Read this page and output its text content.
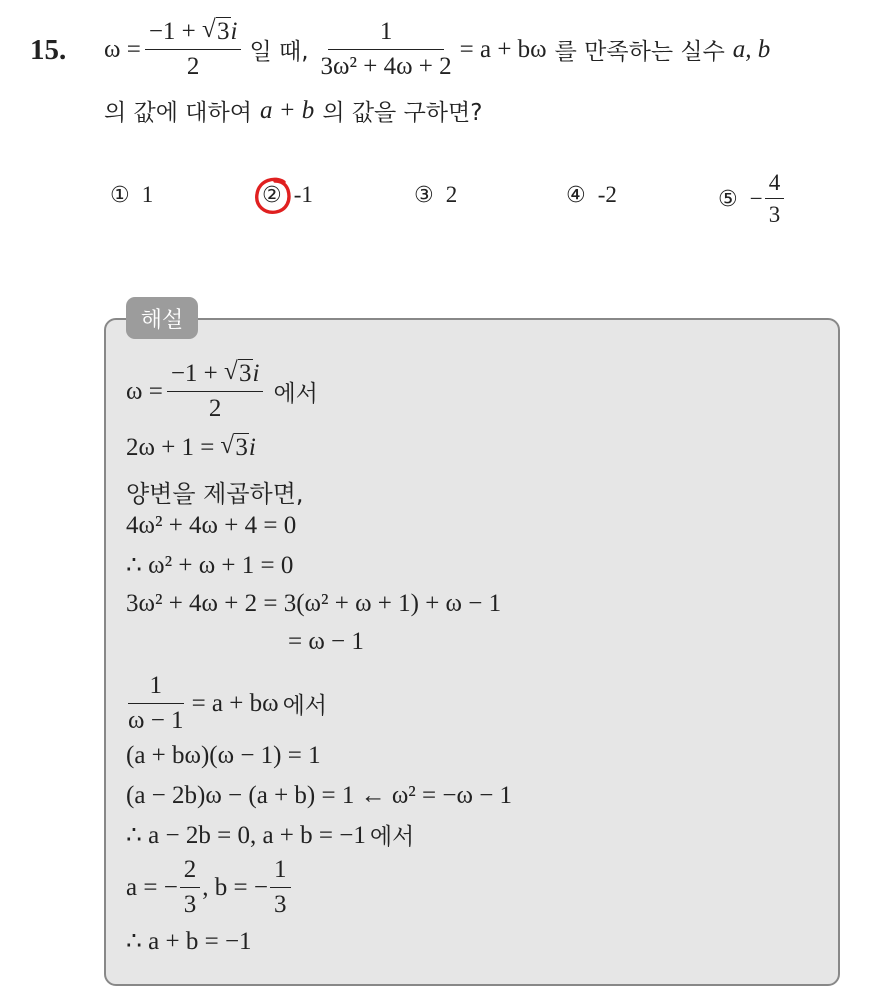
15. $\omega = \frac{-1 + √ 3i}{2}$ 일 때, $\frac{1}{\text{3ω² + 4ω + 2}} = a + b\omega$ 를 만족하는 실수 a, b
의 값에 대하여 a + b 의 값을 구하면?
① 1	② -1	③ 2	④ -2	⑤ − $\frac{4}{3}$
해설
$\omega = \frac{-1 + √ 3i}{2}$ 에서
2ω + 1 = √ 3i
양변을 제곱하면,
4ω² + 4ω + 4 = 0
∴ ω² + ω + 1 = 0
3ω² + 4ω + 2 = 3(ω² + ω + 1) + ω − 1
= ω − 1
$\frac{1}{\omega - 1} = a + b\omega$ 에서
(a + bω)(ω − 1) = 1
(a − 2b)ω − (a + b) = 1 ← ω² = −ω − 1
∴ a − 2b = 0, a + b = −1 에서
a = − $\frac{2}{3}$ , b = − $\frac{1}{3}$
∴ a + b = −1
